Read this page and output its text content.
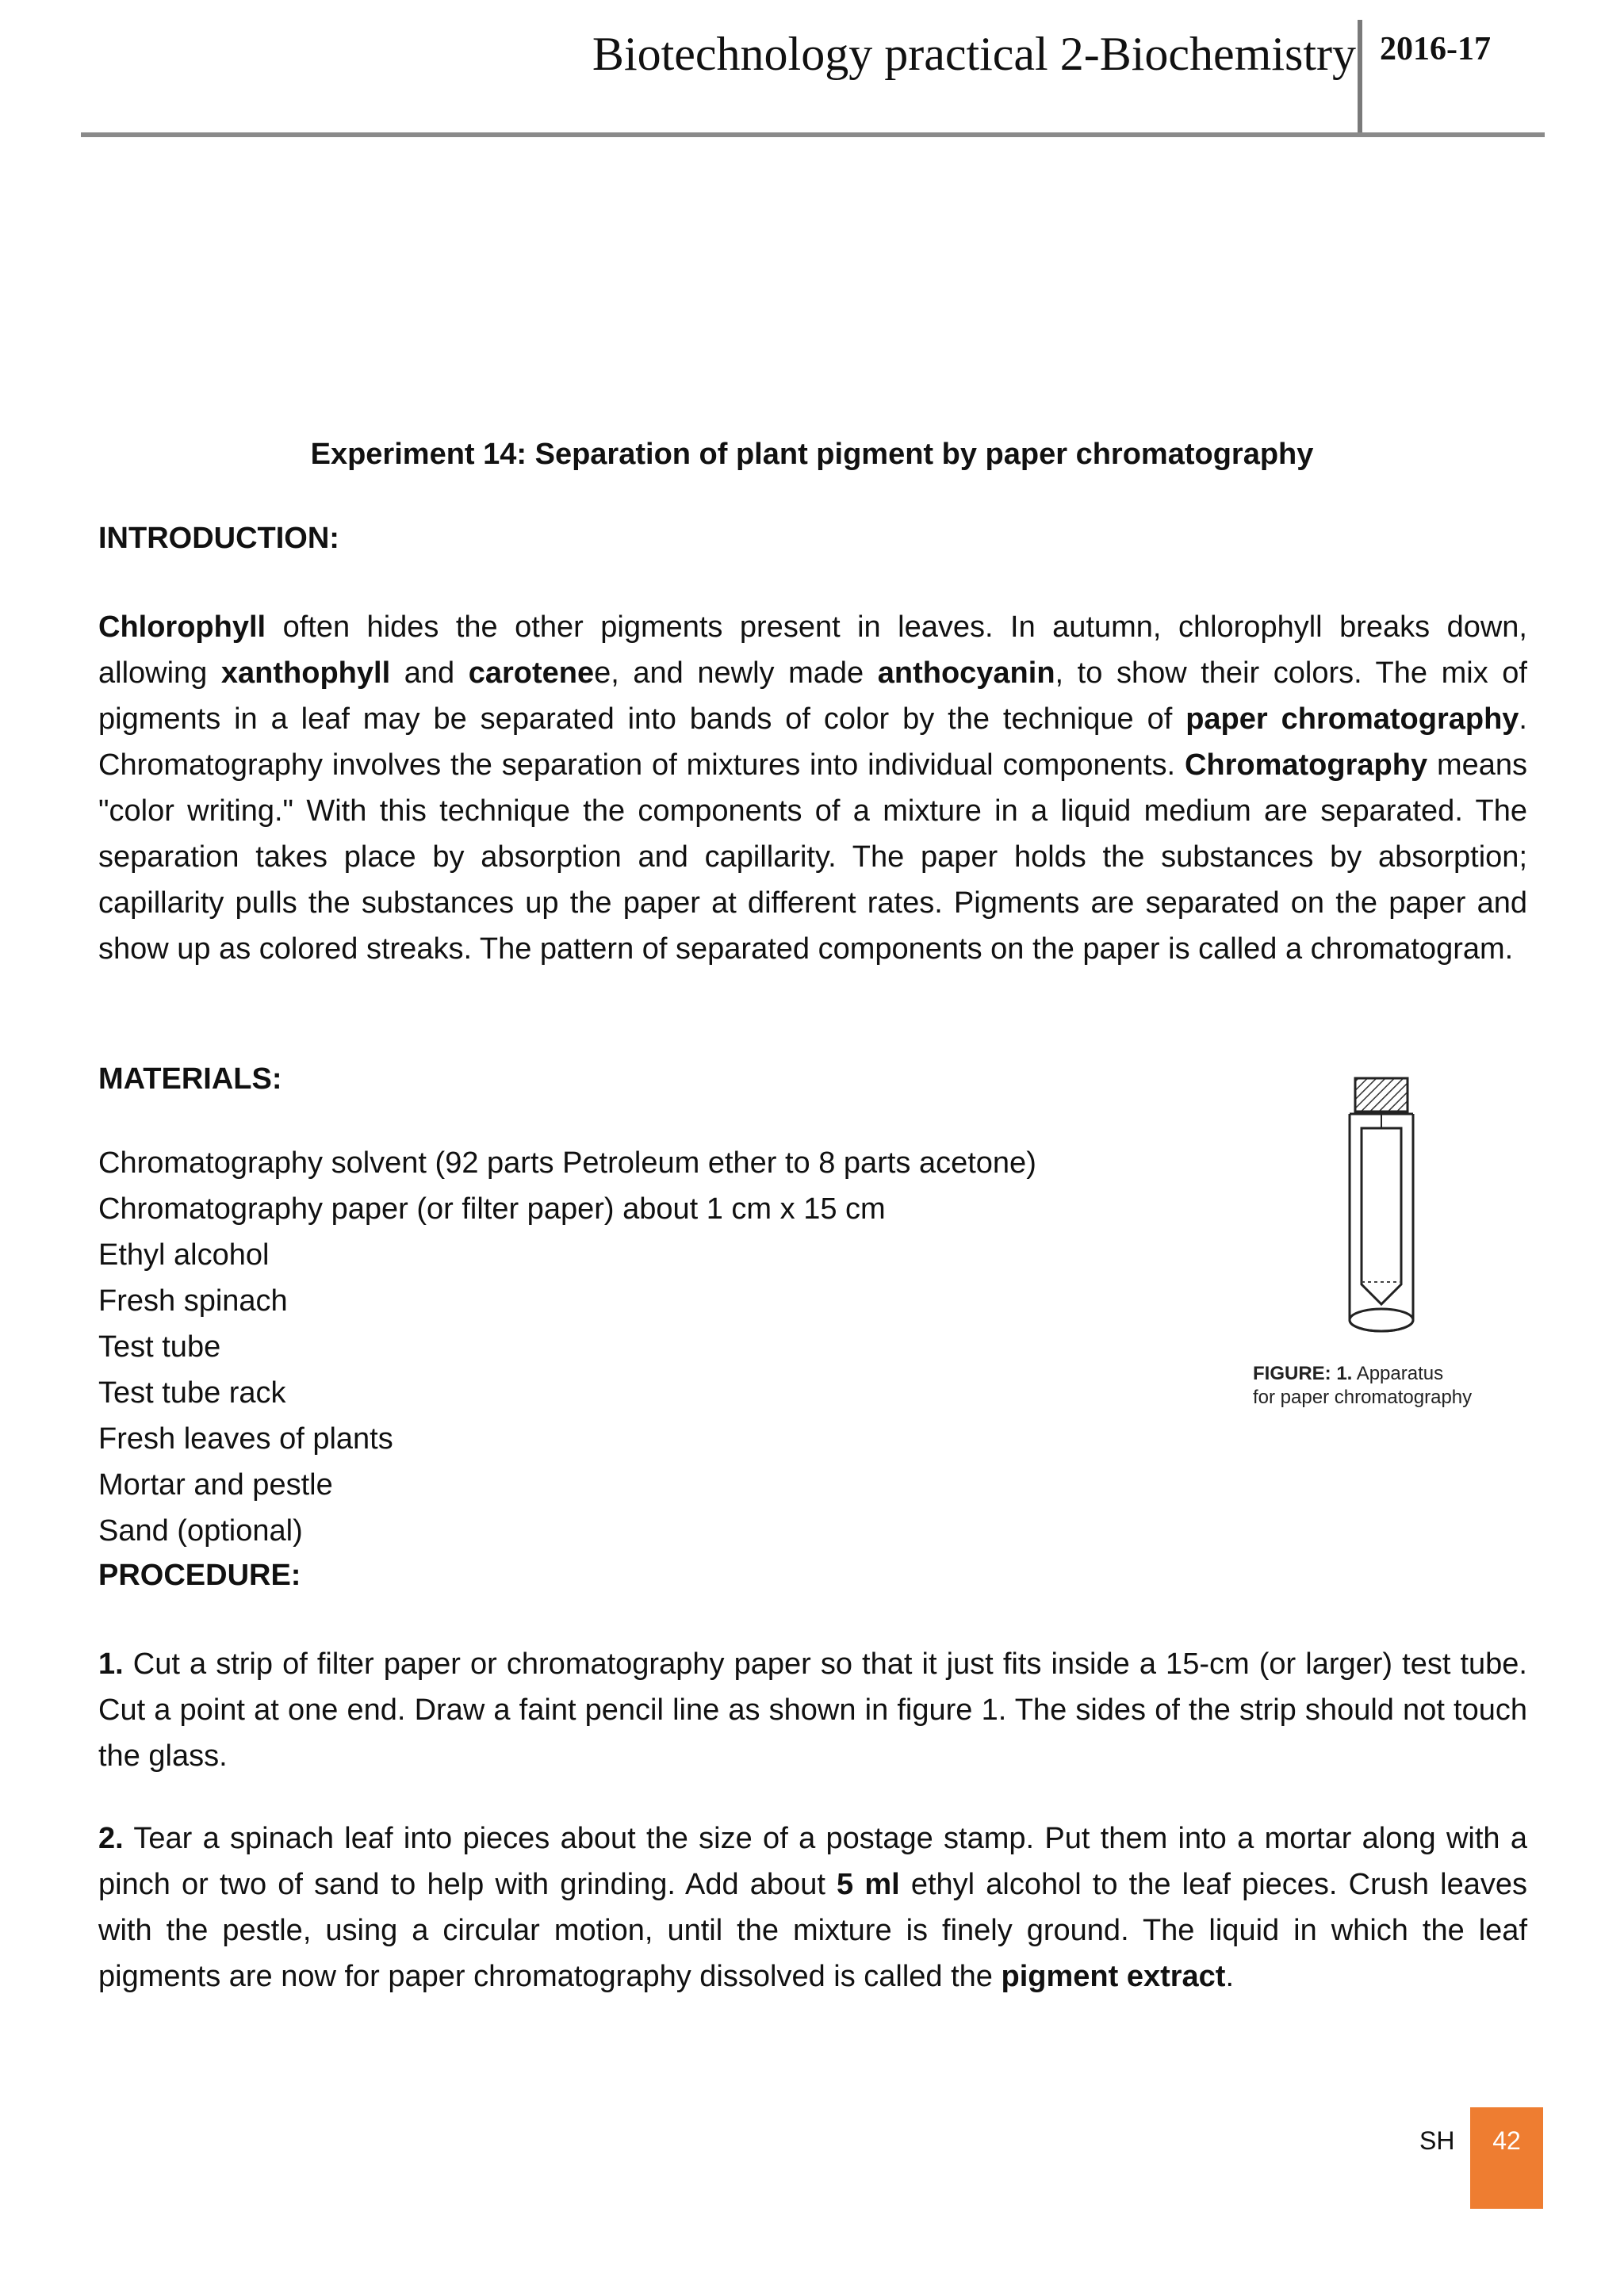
Biotechnology practical 2-Biochemistry 2016-17
Experiment 14: Separation of plant pigment by paper chromatography
INTRODUCTION:
Chlorophyll often hides the other pigments present in leaves. In autumn, chlorophyll breaks down, allowing xanthophyll and carotenee, and newly made anthocyanin, to show their colors. The mix of pigments in a leaf may be separated into bands of color by the technique of paper chromatography. Chromatography involves the separation of mixtures into individual components. Chromatography means "color writing." With this technique the components of a mixture in a liquid medium are separated. The separation takes place by absorption and capillarity. The paper holds the substances by absorption; capillarity pulls the substances up the paper at different rates. Pigments are separated on the paper and show up as colored streaks. The pattern of separated components on the paper is called a chromatogram.
MATERIALS:
Chromatography solvent (92 parts Petroleum ether to 8 parts acetone)
Chromatography paper (or filter paper) about 1 cm x 15 cm
Ethyl alcohol
Fresh spinach
Test tube
Test tube rack
Fresh leaves of plants
Mortar and pestle
Sand (optional)
FIGURE: 1. Apparatus
for paper chromatography
PROCEDURE:
1. Cut a strip of filter paper or chromatography paper so that it just fits inside a 15-cm (or larger) test tube. Cut a point at one end. Draw a faint pencil line as shown in figure 1. The sides of the strip should not touch the glass.
2. Tear a spinach leaf into pieces about the size of a postage stamp. Put them into a mortar along with a pinch or two of sand to help with grinding. Add about 5 ml ethyl alcohol to the leaf pieces. Crush leaves with the pestle, using a circular motion, until the mixture is finely ground. The liquid in which the leaf pigments are now for paper chromatography dissolved is called the pigment extract.
SH	42
